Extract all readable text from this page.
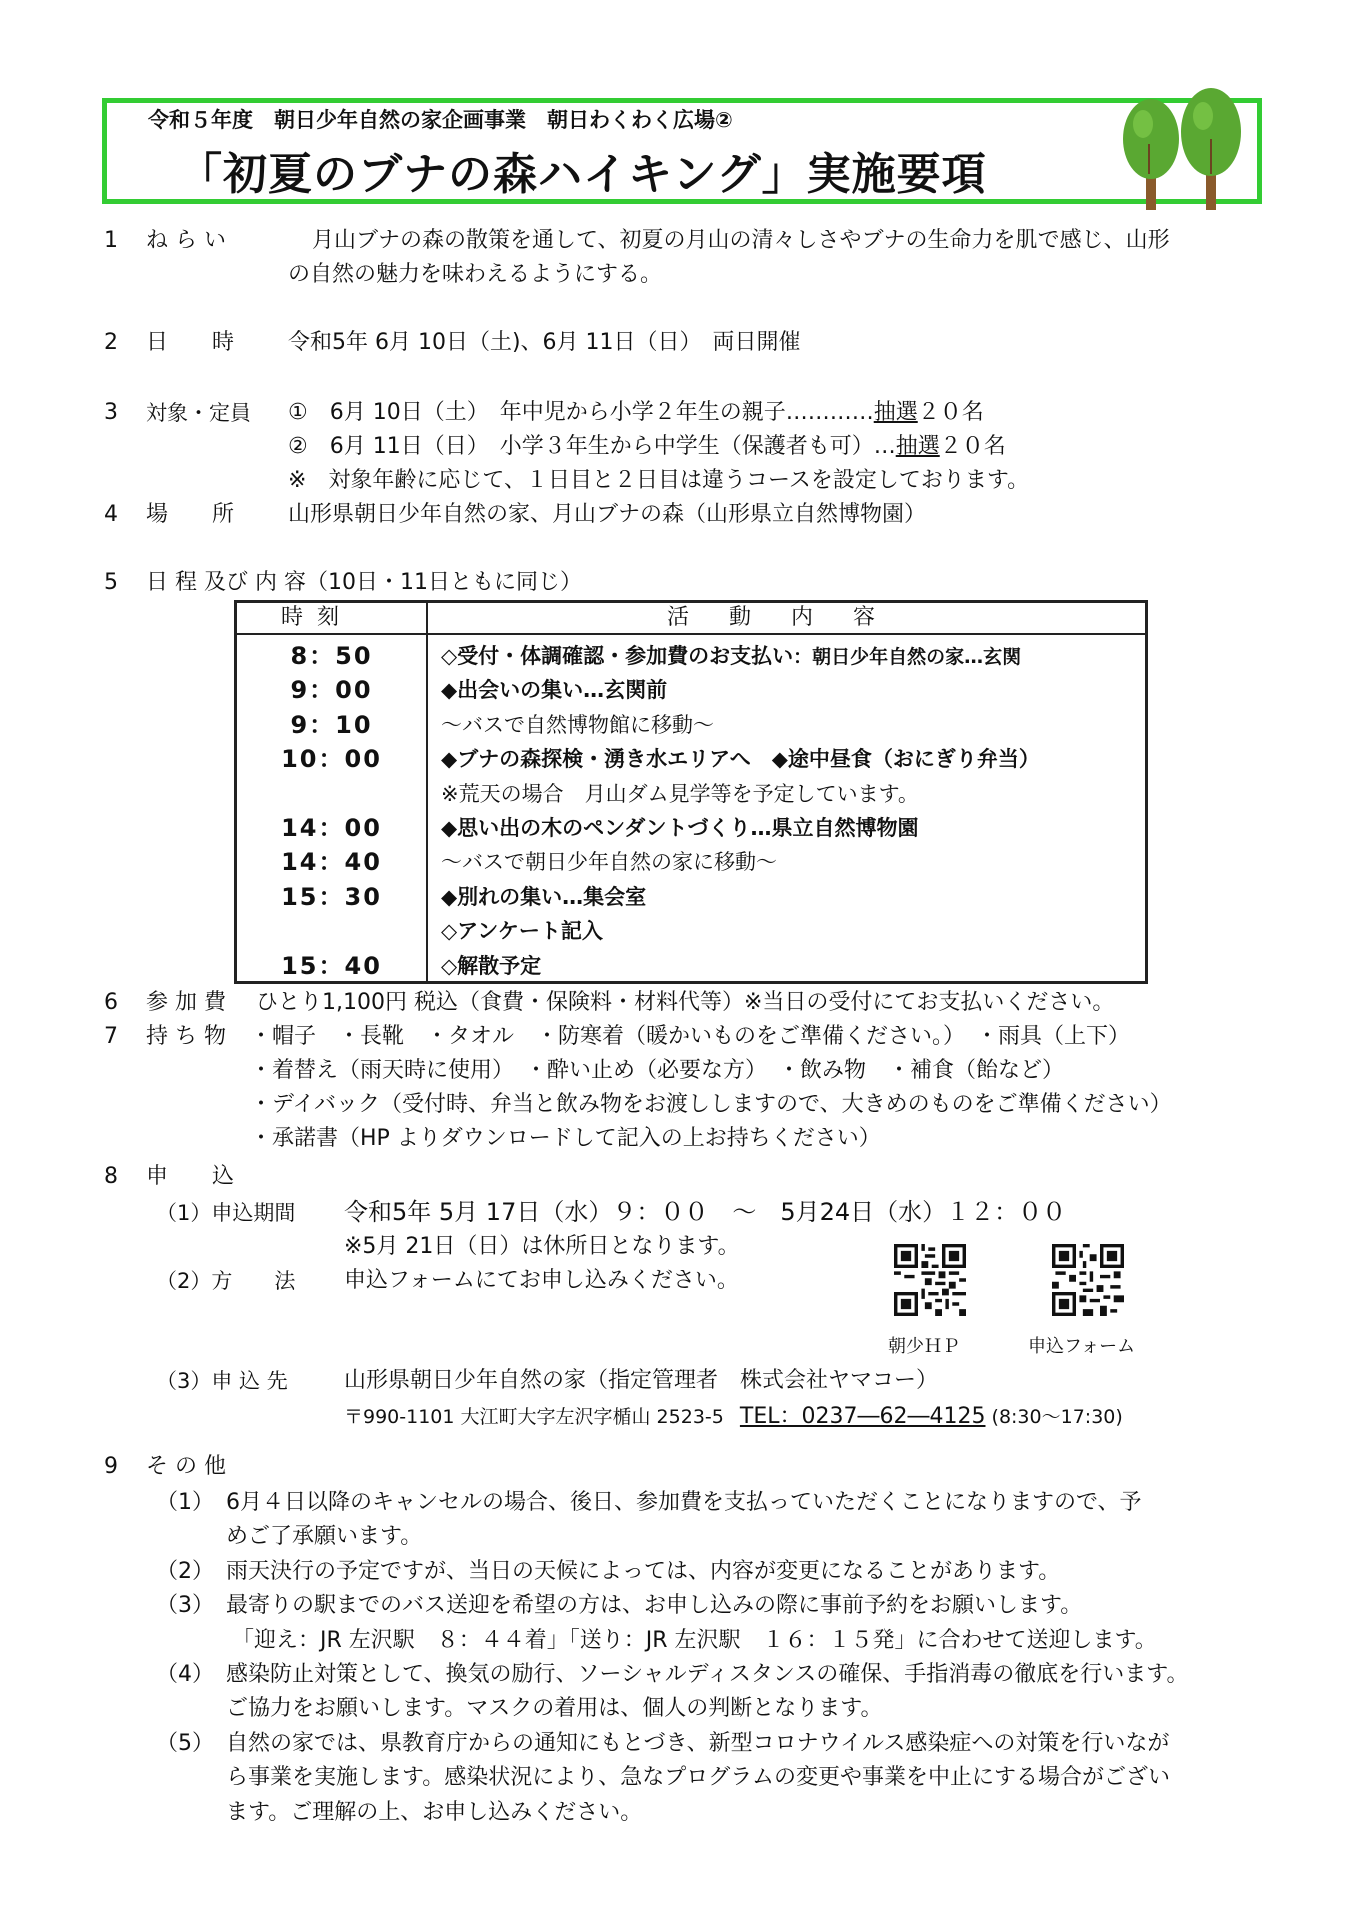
令和５年度　朝日少年自然の家企画事業　朝日わくわく広場②
「初夏のブナの森ハイキング」実施要項
1 ね ら い	月山ブナの森の散策を通して、初夏の月山の清々しさやブナの生命力を肌で感じ、山形
の自然の魅力を味わえるようにする。
2 日　　時 令和5年 6月 10日（土)、6月 11日（日）　両日開催
3 対象・定員 ①　6月 10日（土）　年中児から小学２年生の親子…………抽選２０名
②　6月 11日（日）　小学３年生から中学生（保護者も可）…抽選２０名
※　対象年齢に応じて、１日目と２日目は違うコースを設定しております。
4 場　　所 山形県朝日少年自然の家、月山ブナの森（山形県立自然博物園）
5 日 程 及び 内 容（10日・11日ともに同じ）
時刻	活動内容
8：50	◇受付・体調確認・参加費のお支払い：朝日少年自然の家…玄関
9：00	◆出会いの集い…玄関前
9：10	～バスで自然博物館に移動～
10：00	◆ブナの森探検・湧き水エリアへ　◆途中昼食（おにぎり弁当）
※荒天の場合　月山ダム見学等を予定しています。
14：00	◆思い出の木のペンダントづくり…県立自然博物園
14：40	～バスで朝日少年自然の家に移動～
15：30	◆別れの集い…集会室
◇アンケート記入
15：40	◇解散予定
6 参 加 費 ひとり1,100円 税込（食費・保険料・材料代等）※当日の受付にてお支払いください。
7 持 ち 物 ・帽子　・長靴　・タオル　・防寒着（暖かいものをご準備ください。）　・雨具（上下）
・着替え（雨天時に使用）　・酔い止め（必要な方）　・飲み物　・補食（飴など）
・デイバック（受付時、弁当と飲み物をお渡ししますので、大きめのものをご準備ください）
・承諾書（HP よりダウンロードして記入の上お持ちください）
8 申　　込
（1）申込期間 令和5年 5月 17日（水）９：００　～　5月24日（水）１２：００
※5月 21日（日）は休所日となります。
（2）方　　法 申込フォームにてお申し込みください。
朝少ＨＰ	申込フォーム
（3）申 込 先	山形県朝日少年自然の家（指定管理者　株式会社ヤマコー）
〒990-1101 大江町大字左沢字楯山 2523-5 TEL：0237―62―4125 (8:30～17:30)
9 そ の 他
（1） 6月４日以降のキャンセルの場合、後日、参加費を支払っていただくことになりますので、予
めご了承願います。
（2） 雨天決行の予定ですが、当日の天候によっては、内容が変更になることがあります。
（3） 最寄りの駅までのバス送迎を希望の方は、お申し込みの際に事前予約をお願いします。
「迎え：JR 左沢駅　８：４４着」「送り：JR 左沢駅　１６：１５発」に合わせて送迎します。
（4） 感染防止対策として、換気の励行、ソーシャルディスタンスの確保、手指消毒の徹底を行います。
ご協力をお願いします。マスクの着用は、個人の判断となります。
（5） 自然の家では、県教育庁からの通知にもとづき、新型コロナウイルス感染症への対策を行いなが
ら事業を実施します。感染状況により、急なプログラムの変更や事業を中止にする場合がござい
ます。ご理解の上、お申し込みください。
